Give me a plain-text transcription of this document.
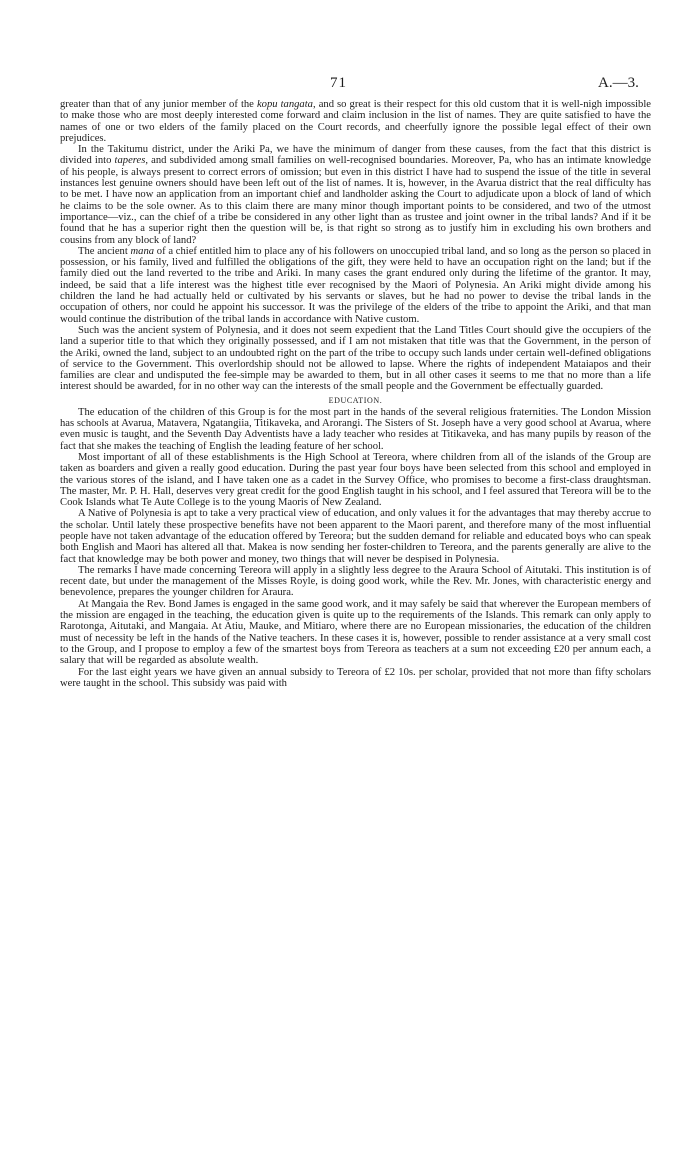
71	A.—3.

greater than that of any junior member of the kopu tangata, and so great is their respect for this old custom that it is well-nigh impossible to make those who are most deeply interested come forward and claim inclusion in the list of names. They are quite satisfied to have the names of one or two elders of the family placed on the Court records, and cheerfully ignore the possible legal effect of their own prejudices.

In the Takitumu district, under the Ariki Pa, we have the minimum of danger from these causes, from the fact that this district is divided into taperes, and subdivided among small families on well-recognised boundaries. Moreover, Pa, who has an intimate knowledge of his people, is always present to correct errors of omission; but even in this district I have had to suspend the issue of the title in several instances lest genuine owners should have been left out of the list of names. It is, however, in the Avarua district that the real difficulty has to be met. I have now an application from an important chief and landholder asking the Court to adjudicate upon a block of land of which he claims to be the sole owner. As to this claim there are many minor though important points to be considered, and two of the utmost importance—viz., can the chief of a tribe be considered in any other light than as trustee and joint owner in the tribal lands? And if it be found that he has a superior right then the question will be, is that right so strong as to justify him in excluding his own brothers and cousins from any block of land?

The ancient mana of a chief entitled him to place any of his followers on unoccupied tribal land, and so long as the person so placed in possession, or his family, lived and fulfilled the obligations of the gift, they were held to have an occupation right on the land; but if the family died out the land reverted to the tribe and Ariki. In many cases the grant endured only during the lifetime of the grantor. It may, indeed, be said that a life interest was the highest title ever recognised by the Maori of Polynesia. An Ariki might divide among his children the land he had actually held or cultivated by his servants or slaves, but he had no power to devise the tribal lands in the occupation of others, nor could he appoint his successor. It was the privilege of the elders of the tribe to appoint the Ariki, and that man would continue the distribution of the tribal lands in accordance with Native custom.

Such was the ancient system of Polynesia, and it does not seem expedient that the Land Titles Court should give the occupiers of the land a superior title to that which they originally possessed, and if I am not mistaken that title was that the Government, in the person of the Ariki, owned the land, subject to an undoubted right on the part of the tribe to occupy such lands under certain well-defined obligations of service to the Government. This overlordship should not be allowed to lapse. Where the rights of independent Mataiapos and their families are clear and undisputed the fee-simple may be awarded to them, but in all other cases it seems to me that no more than a life interest should be awarded, for in no other way can the interests of the small people and the Government be effectually guarded.

EDUCATION.

The education of the children of this Group is for the most part in the hands of the several religious fraternities. The London Mission has schools at Avarua, Matavera, Ngatangiia, Titikaveka, and Arorangi. The Sisters of St. Joseph have a very good school at Avarua, where even music is taught, and the Seventh Day Adventists have a lady teacher who resides at Titikaveka, and has many pupils by reason of the fact that she makes the teaching of English the leading feature of her school.

Most important of all of these establishments is the High School at Tereora, where children from all of the islands of the Group are taken as boarders and given a really good education. During the past year four boys have been selected from this school and employed in the various stores of the island, and I have taken one as a cadet in the Survey Office, who promises to become a first-class draughtsman. The master, Mr. P. H. Hall, deserves very great credit for the good English taught in his school, and I feel assured that Tereora will be to the Cook Islands what Te Aute College is to the young Maoris of New Zealand.

A Native of Polynesia is apt to take a very practical view of education, and only values it for the advantages that may thereby accrue to the scholar. Until lately these prospective benefits have not been apparent to the Maori parent, and therefore many of the most influential people have not taken advantage of the education offered by Tereora; but the sudden demand for reliable and educated boys who can speak both English and Maori has altered all that. Makea is now sending her foster-children to Tereora, and the parents generally are alive to the fact that knowledge may be both power and money, two things that will never be despised in Polynesia.

The remarks I have made concerning Tereora will apply in a slightly less degree to the Araura School of Aitutaki. This institution is of recent date, but under the management of the Misses Royle, is doing good work, while the Rev. Mr. Jones, with characteristic energy and benevolence, prepares the younger children for Araura.

At Mangaia the Rev. Bond James is engaged in the same good work, and it may safely be said that wherever the European members of the mission are engaged in the teaching, the education given is quite up to the requirements of the Islands. This remark can only apply to Rarotonga, Aitutaki, and Mangaia. At Atiu, Mauke, and Mitiaro, where there are no European missionaries, the education of the children must of necessity be left in the hands of the Native teachers. In these cases it is, however, possible to render assistance at a very small cost to the Group, and I propose to employ a few of the smartest boys from Tereora as teachers at a sum not exceeding £20 per annum each, a salary that will be regarded as absolute wealth.

For the last eight years we have given an annual subsidy to Tereora of £2 10s. per scholar, provided that not more than fifty scholars were taught in the school. This subsidy was paid with
